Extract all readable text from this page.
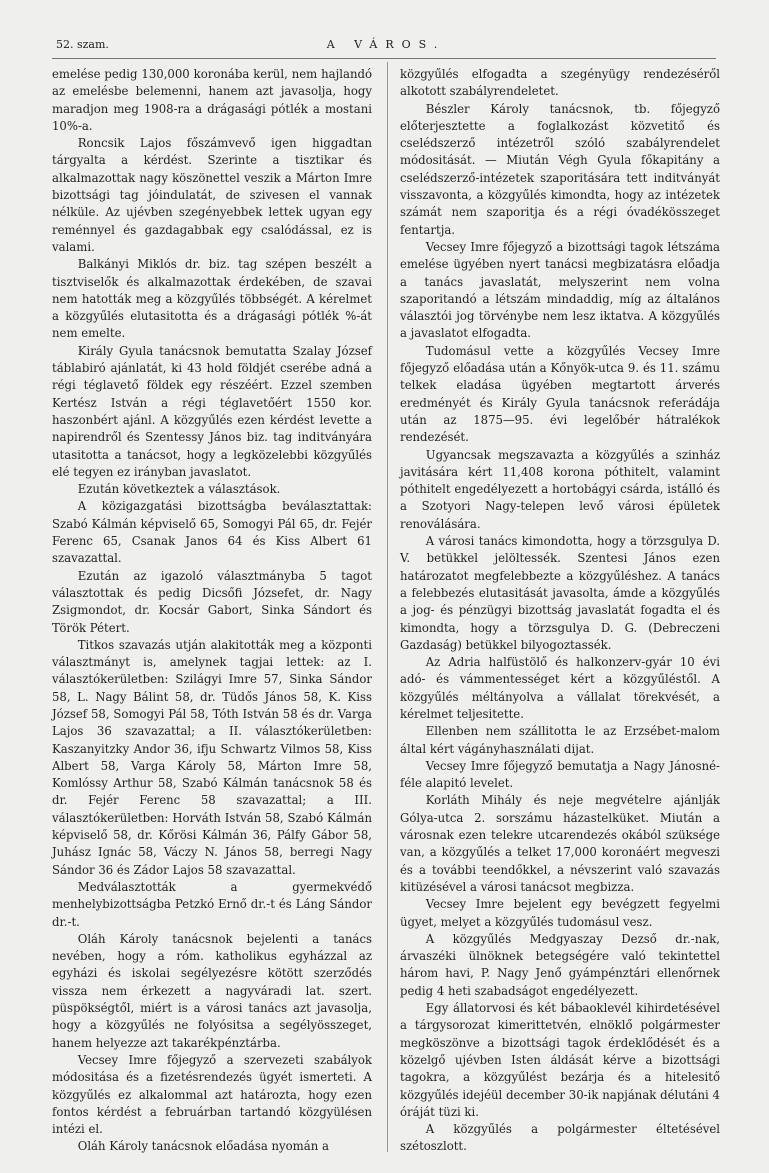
52. szam.	A VÁROS.

emelése pedig 130,000 koronába kerül, nem hajlandó az emelésbe belemenni, hanem azt javasolja, hogy maradjon meg 1908-ra a drágasági pótlék a mostani 10%-a.

Roncsik Lajos főszámvevő igen higgadtan tárgyalta a kérdést. Szerinte a tisztikar és alkalmazottak nagy köszönettel veszik a Márton Imre bizottsági tag jóindulatát, de szivesen el vannak nélküle. Az ujévben szegényebbek lettek ugyan egy reménnyel és gazdagabbak egy csalódással, ez is valami.

Balkányi Miklós dr. biz. tag szépen beszélt a tisztviselők és alkalmazottak érdekében, de szavai nem hatották meg a közgyűlés többségét. A kérelmet a közgyűlés elutasitotta és a drágasági pótlék %-át nem emelte.

Király Gyula tanácsnok bemutatta Szalay József táblabiró ajánlatát, ki 43 hold földjét cserébe adná a régi téglavető földek egy részéért. Ezzel szemben Kertész István a régi téglavetőért 1550 kor. haszonbért ajánl. A közgyűlés ezen kérdést levette a napirendről és Szentessy János biz. tag inditványára utasitotta a tanácsot, hogy a legközelebbi közgyűlés elé tegyen ez irányban javaslatot.

Ezután következtek a választások.

A közigazgatási bizottságba beválasztattak: Szabó Kálmán képviselő 65, Somogyi Pál 65, dr. Fejér Ferenc 65, Csanak Janos 64 és Kiss Albert 61 szavazattal.

Ezután az igazoló választmányba 5 tagot választottak és pedig Dicsőfi Józsefet, dr. Nagy Zsigmondot, dr. Kocsár Gabort, Sinka Sándort és Török Pétert.

Titkos szavazás utján alakitották meg a központi választmányt is, amelynek tagjai lettek: az I. választókerületben: Szilágyi Imre 57, Sinka Sándor 58, L. Nagy Bálint 58, dr. Tüdős János 58, K. Kiss József 58, Somogyi Pál 58, Tóth István 58 és dr. Varga Lajos 36 szavazattal; a II. választókerületben: Kaszanyitzky Andor 36, ifju Schwartz Vilmos 58, Kiss Albert 58, Varga Károly 58, Márton Imre 58, Komlóssy Arthur 58, Szabó Kálmán tanácsnok 58 és dr. Fejér Ferenc 58 szavazattal; a III. választókerületben: Horváth István 58, Szabó Kálmán képviselő 58, dr. Kőrösi Kálmán 36, Pálfy Gábor 58, Juhász Ignác 58, Váczy N. János 58, berregi Nagy Sándor 36 és Zádor Lajos 58 szavazattal.

Medválasztották a gyermekvédő menhelybizottságba Petzkó Ernő dr.-t és Láng Sándor dr.-t.

Oláh Károly tanácsnok bejelenti a tanács nevében, hogy a róm. katholikus egyházzal az egyházi és iskolai segélyezésre kötött szerződés vissza nem érkezett a nagyváradi lat. szert. püspökségtől, miért is a városi tanács azt javasolja, hogy a közgyűlés ne folyósitsa a segélyösszeget, hanem helyezze azt takarékpénztárba.

Vecsey Imre főjegyző a szervezeti szabályok módositása és a fizetésrendezés ügyét ismerteti. A közgyűlés ez alkalommal azt határozta, hogy ezen fontos kérdést a februárban tartandó közgyülésen intézi el.

Oláh Károly tanácsnok előadása nyomán a

közgyűlés elfogadta a szegényügy rendezéséről alkotott szabályrendeletet.

Bészler Károly tanácsnok, tb. főjegyző előterjesztette a foglalkozást közvetitő és cselédszerző intézetről szóló szabályrendelet módositását. — Miután Végh Gyula főkapitány a cselédszerző-intézetek szaporitására tett inditványát visszavonta, a közgyűlés kimondta, hogy az intézetek számát nem szaporitja és a régi óvadékösszeget fentartja.

Vecsey Imre főjegyző a bizottsági tagok létszáma emelése ügyében nyert tanácsi megbizatásra előadja a tanács javaslatát, melyszerint nem volna szaporitandó a létszám mindaddig, míg az általános választói jog törvénybe nem lesz iktatva. A közgyűlés a javaslatot elfogadta.

Tudomásul vette a közgyűlés Vecsey Imre főjegyző előadása után a Kőnyök-utca 9. és 11. számu telkek eladása ügyében megtartott árverés eredményét és Király Gyula tanácsnok referádája után az 1875—95. évi legelőbér hátralékok rendezését.

Ugyancsak megszavazta a közgyűlés a szinház javitására kért 11,408 korona póthitelt, valamint póthitelt engedélyezett a hortobágyi csárda, istálló és a Szotyori Nagy-telepen levő városi épületek renoválására.

A városi tanács kimondotta, hogy a törzsgulya D. V. betükkel jelöltessék. Szentesi János ezen határozatot megfelebbezte a közgyűléshez. A tanács a felebbezés elutasitását javasolta, ámde a közgyűlés a jog- és pénzügyi bizottság javaslatát fogadta el és kimondta, hogy a törzsgulya D. G. (Debreczeni Gazdaság) betükkel bilyogoztassék.

Az Adria halfüstölő és halkonzerv-gyár 10 évi adó- és vámmentességet kért a közgyűléstől. A közgyűlés méltányolva a vállalat törekvését, a kérelmet teljesitette.

Ellenben nem szállitotta le az Erzsébet-malom által kért vágányhasználati dijat.

Vecsey Imre főjegyző bemutatja a Nagy Jánosné-féle alapitó levelet.

Korláth Mihály és neje megvételre ajánlják Gólya-utca 2. sorszámu házastelküket. Miután a városnak ezen telekre utcarendezés okából szüksége van, a közgyűlés a telket 17,000 koronáért megveszi és a további teendőkkel, a névszerint való szavazás kitüzésével a városi tanácsot megbizza.

Vecsey Imre bejelent egy bevégzett fegyelmi ügyet, melyet a közgyűlés tudomásul vesz.

A közgyűlés Medgyaszay Dezső dr.-nak, árvaszéki ülnöknek betegségére való tekintettel három havi, P. Nagy Jenő gyámpénztári ellenőrnek pedig 4 heti szabadságot engedélyezett.

Egy állatorvosi és két bábaoklevél kihirdetésével a tárgysorozat kimerittetvén, elnöklő polgármester megköszönve a bizottsági tagok érdeklődését és a közelgő ujévben Isten áldását kérve a bizottsági tagokra, a közgyűlést bezárja és a hitelesitő közgyűlés idejéül december 30-ik napjának délutáni 4 óráját tüzi ki.

A közgyűlés a polgármester éltetésével szétoszlott.
